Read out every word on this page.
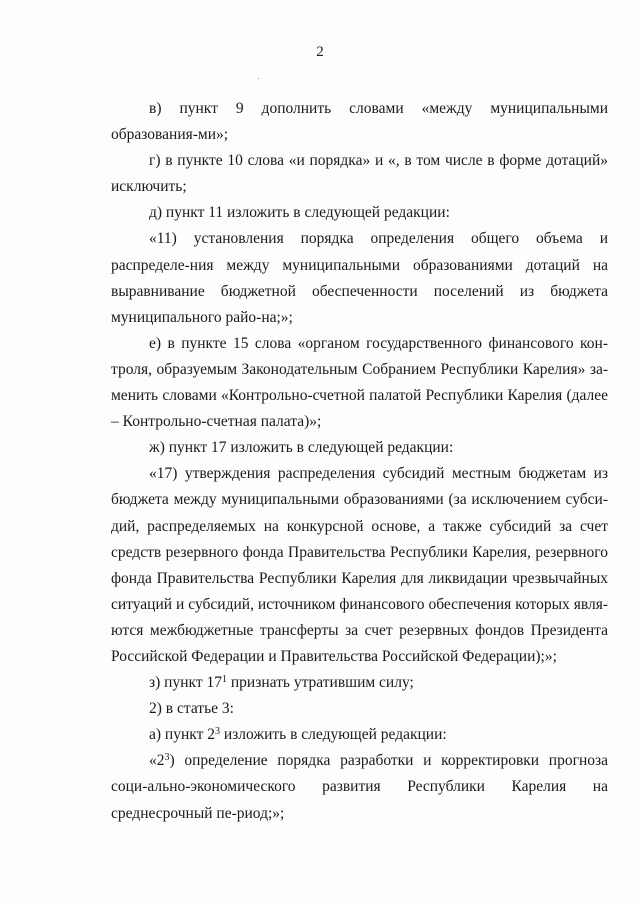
2

в) пункт 9 дополнить словами «между муниципальными образования-ми»;

г) в пункте 10 слова «и порядка» и «, в том числе в форме дотаций» исключить;

д) пункт 11 изложить в следующей редакции:

«11) установления порядка определения общего объема и распределе-ния между муниципальными образованиями дотаций на выравнивание бюджетной обеспеченности поселений из бюджета муниципального райо-на;»;

е) в пункте 15 слова «органом государственного финансового кон-троля, образуемым Законодательным Собранием Республики Карелия» за-менить словами «Контрольно-счетной палатой Республики Карелия (далее – Контрольно-счетная палата)»;

ж) пункт 17 изложить в следующей редакции:

«17) утверждения распределения субсидий местным бюджетам из бюджета между муниципальными образованиями (за исключением субси-дий, распределяемых на конкурсной основе, а также субсидий за счет средств резервного фонда Правительства Республики Карелия, резервного фонда Правительства Республики Карелия для ликвидации чрезвычайных ситуаций и субсидий, источником финансового обеспечения которых явля-ются межбюджетные трансферты за счет резервных фондов Президента Российской Федерации и Правительства Российской Федерации);»;

з) пункт $17^1$ признать утратившим силу;

2) в статье 3:

а) пункт $2^3$ изложить в следующей редакции:

«$2^3$) определение порядка разработки и корректировки прогноза соци-ально-экономического развития Республики Карелия на среднесрочный пе-риод;»;
